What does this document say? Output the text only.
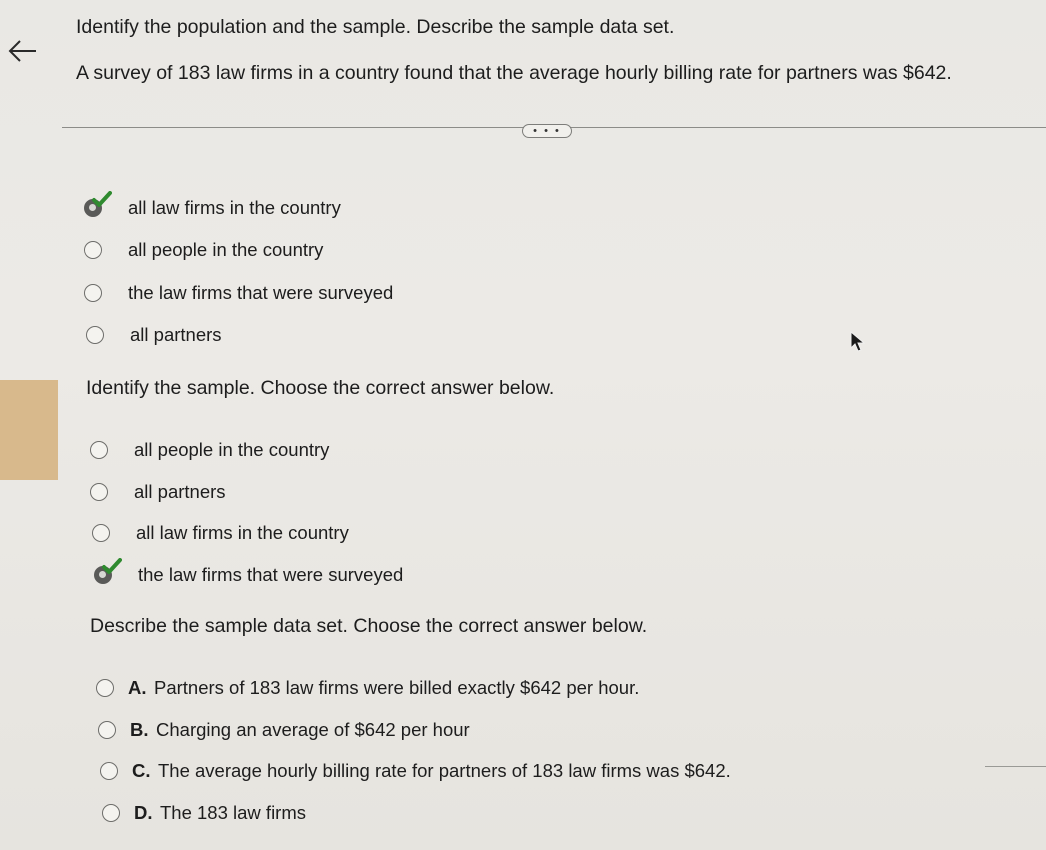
Identify the population and the sample. Describe the sample data set.

A survey of 183 law firms in a country found that the average hourly billing rate for partners was $642.

• • •
all law firms in the country
all people in the country
the law firms that were surveyed
all partners

Identify the sample. Choose the correct answer below.

all people in the country
all partners
all law firms in the country
the law firms that were surveyed

Describe the sample data set. Choose the correct answer below.

A. Partners of 183 law firms were billed exactly $642 per hour.
B. Charging an average of $642 per hour
C. The average hourly billing rate for partners of 183 law firms was $642.
D. The 183 law firms
